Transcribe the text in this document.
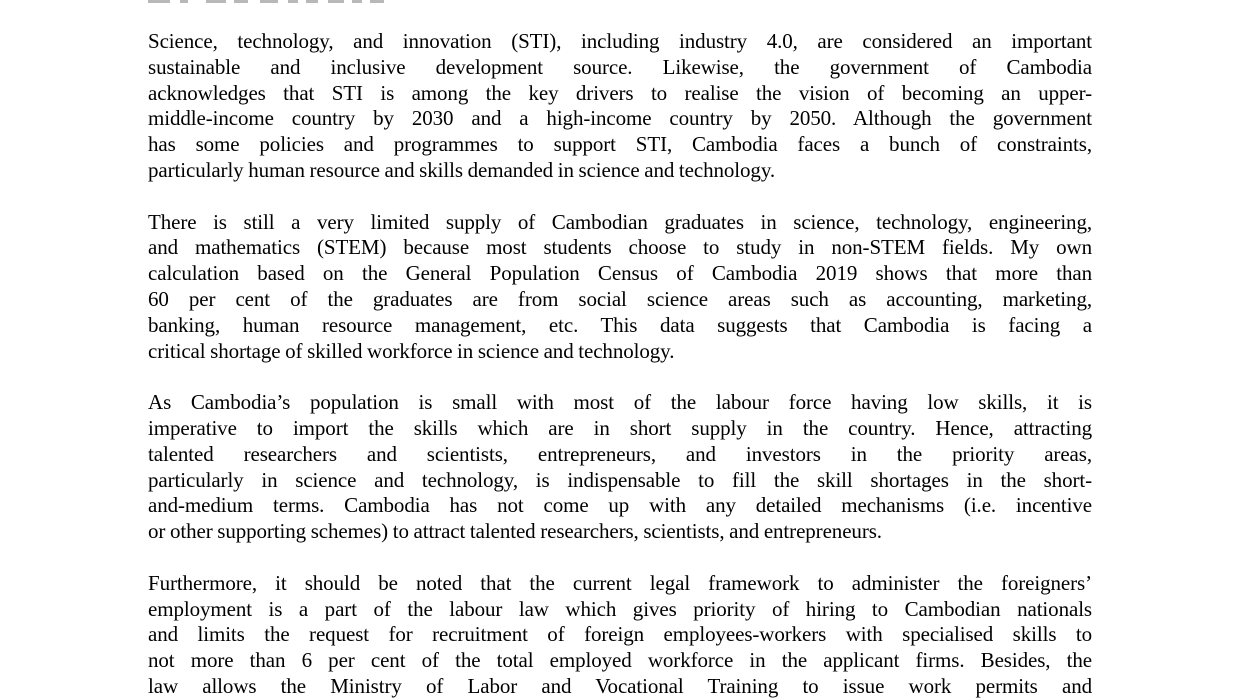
Science, technology, and innovation (STI), including industry 4.0, are considered an important
sustainable and inclusive development source. Likewise, the government of Cambodia
acknowledges that STI is among the key drivers to realise the vision of becoming an upper-
middle-income country by 2030 and a high-income country by 2050. Although the government
has some policies and programmes to support STI, Cambodia faces a bunch of constraints,
particularly human resource and skills demanded in science and technology.
There is still a very limited supply of Cambodian graduates in science, technology, engineering,
and mathematics (STEM) because most students choose to study in non-STEM fields. My own
calculation based on the General Population Census of Cambodia 2019 shows that more than
60 per cent of the graduates are from social science areas such as accounting, marketing,
banking, human resource management, etc. This data suggests that Cambodia is facing a
critical shortage of skilled workforce in science and technology.
As Cambodia’s population is small with most of the labour force having low skills, it is
imperative to import the skills which are in short supply in the country. Hence, attracting
talented researchers and scientists, entrepreneurs, and investors in the priority areas,
particularly in science and technology, is indispensable to fill the skill shortages in the short-
and-medium terms. Cambodia has not come up with any detailed mechanisms (i.e. incentive
or other supporting schemes) to attract talented researchers, scientists, and entrepreneurs.
Furthermore, it should be noted that the current legal framework to administer the foreigners’
employment is a part of the labour law which gives priority of hiring to Cambodian nationals
and limits the request for recruitment of foreign employees-workers with specialised skills to
not more than 6 per cent of the total employed workforce in the applicant firms. Besides, the
law allows the Ministry of Labor and Vocational Training to issue work permits and
